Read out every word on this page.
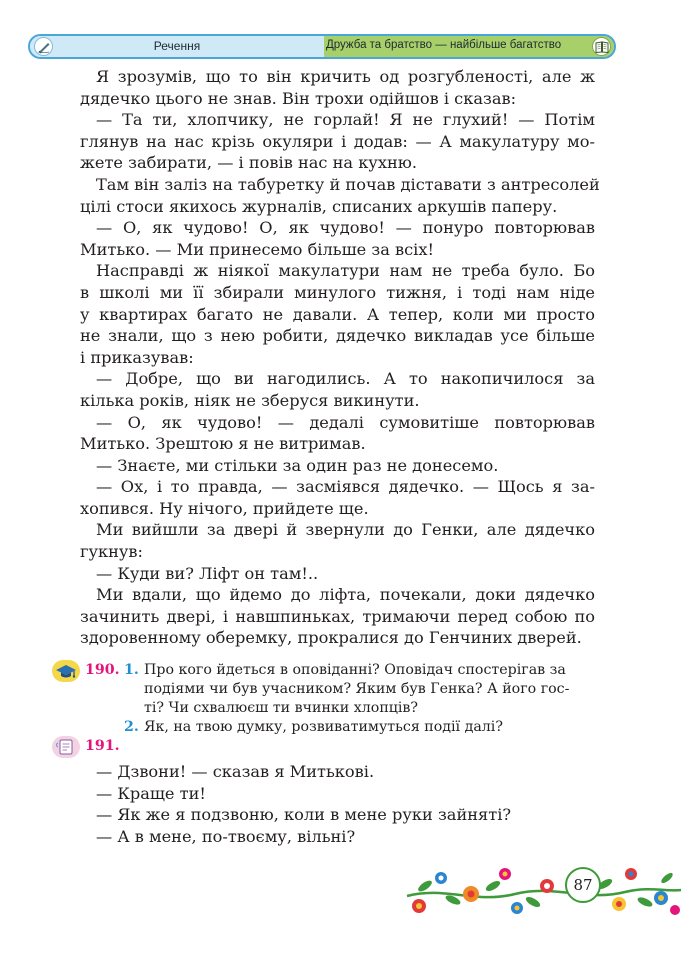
Речення	Дружба та братство — найбільше багатство
Я зрозумів, що то він кричить од розгубленості, але ж
дядечко цього не знав. Він трохи одійшов і сказав:
— Та ти, хлопчику, не горлай! Я не глухий! — Потім
глянув на нас крізь окуляри і додав: — А макулатуру мо-
жете забирати, — і повів нас на кухню.
Там він заліз на табуретку й почав діставати з антресолей
цілі стоси якихось журналів, списаних аркушів паперу.
— О, як чудово! О, як чудово! — понуро повторював
Митько. — Ми принесемо більше за всіх!
Насправді ж ніякої макулатури нам не треба було. Бо
в школі ми її збирали минулого тижня, і тоді нам ніде
у квартирах багато не давали. А тепер, коли ми просто
не знали, що з нею робити, дядечко викладав усе більше
і приказував:
— Добре, що ви нагодились. А то накопичилося за
кілька років, ніяк не зберуся викинути.
— О, як чудово! — дедалі сумовитіше повторював
Митько. Зрештою я не витримав.
— Знаєте, ми стільки за один раз не донесемо.
— Ох, і то правда, — засміявся дядечко. — Щось я за-
хопився. Ну нічого, прийдете ще.
Ми вийшли за двері й звернули до Генки, але дядечко
гукнув:
— Куди ви? Ліфт он там!..
Ми вдали, що йдемо до ліфта, почекали, доки дядечко
зачинить двері, і навшпиньках, тримаючи перед собою по
здоровенному оберемку, прокралися до Генчиних дверей.
190. 1. Про кого йдеться в оповіданні? Оповідач спостерігав за
подіями чи був учасником? Яким був Генка? А його гос-
ті? Чи схвалюєш ти вчинки хлопців?
2. Як, на твою думку, розвиватимуться події далі?
191.
— Дзвони! — сказав я Митькові.
— Краще ти!
— Як же я подзвоню, коли в мене руки зайняті?
— А в мене, по-твоєму, вільні?
87
